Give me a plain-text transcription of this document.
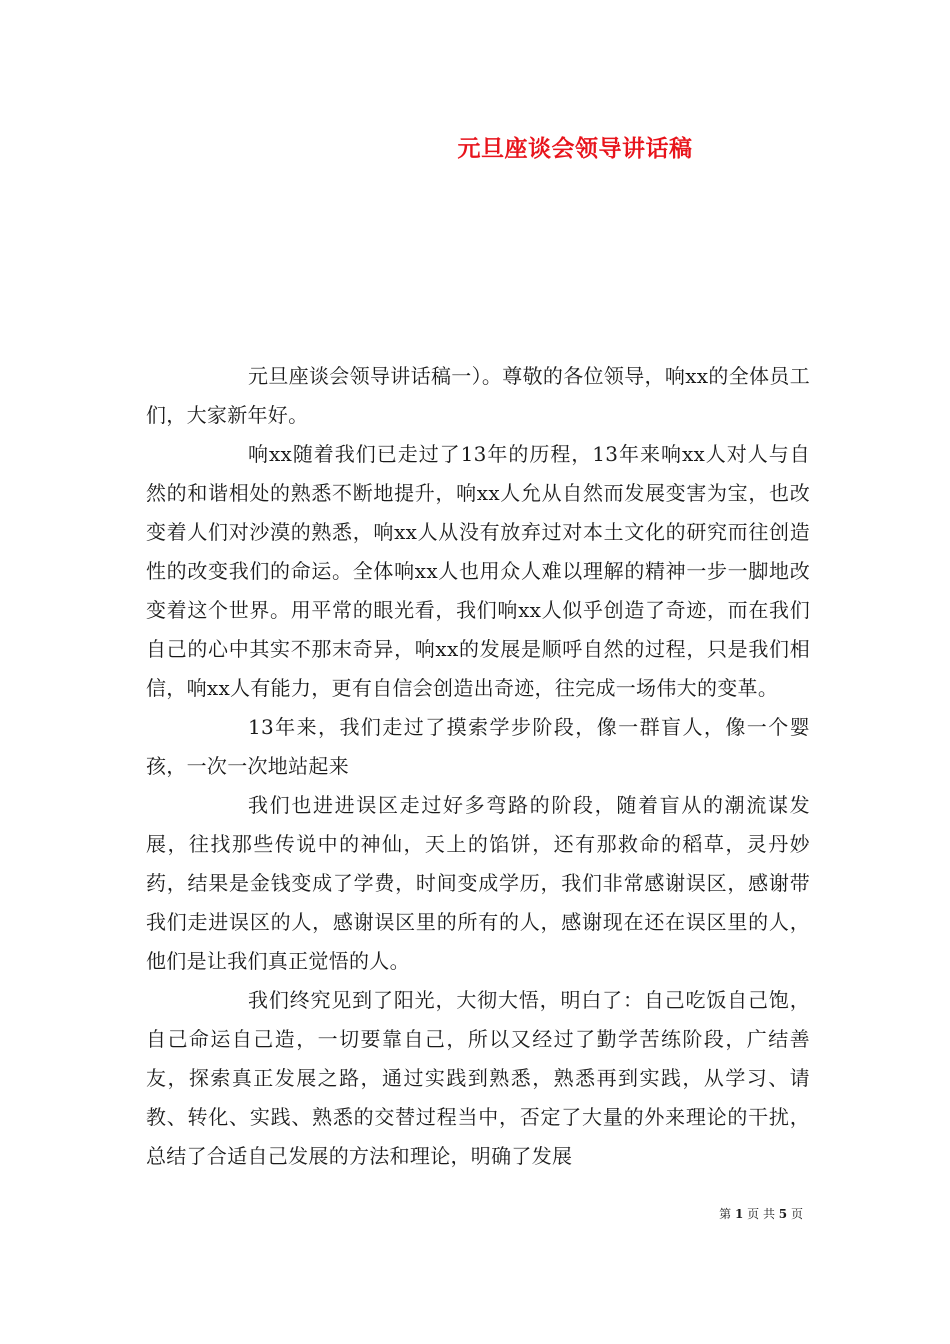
元旦座谈会领导讲话稿

元旦座谈会领导讲话稿一）。尊敬的各位领导，响xx的全体员工们，大家新年好。

响xx随着我们已走过了13年的历程，13年来响xx人对人与自然的和谐相处的熟悉不断地提升，响xx人允从自然而发展变害为宝，也改变着人们对沙漠的熟悉，响xx人从没有放弃过对本土文化的研究而往创造性的改变我们的命运。全体响xx人也用众人难以理解的精神一步一脚地改变着这个世界。用平常的眼光看，我们响xx人似乎创造了奇迹，而在我们自己的心中其实不那末奇异，响xx的发展是顺呼自然的过程，只是我们相信，响xx人有能力，更有自信会创造出奇迹，往完成一场伟大的变革。

13年来，我们走过了摸索学步阶段，像一群盲人，像一个婴孩，一次一次地站起来

我们也进进误区走过好多弯路的阶段，随着盲从的潮流谋发展，往找那些传说中的神仙，天上的馅饼，还有那救命的稻草，灵丹妙药，结果是金钱变成了学费，时间变成学历，我们非常感谢误区，感谢带我们走进误区的人，感谢误区里的所有的人，感谢现在还在误区里的人，他们是让我们真正觉悟的人。

我们终究见到了阳光，大彻大悟，明白了：自己吃饭自己饱，自己命运自己造，一切要靠自己，所以又经过了勤学苦练阶段，广结善友，探索真正发展之路，通过实践到熟悉，熟悉再到实践，从学习、请教、转化、实践、熟悉的交替过程当中，否定了大量的外来理论的干扰，总结了合适自己发展的方法和理论，明确了发展

第 1 页 共 5 页
